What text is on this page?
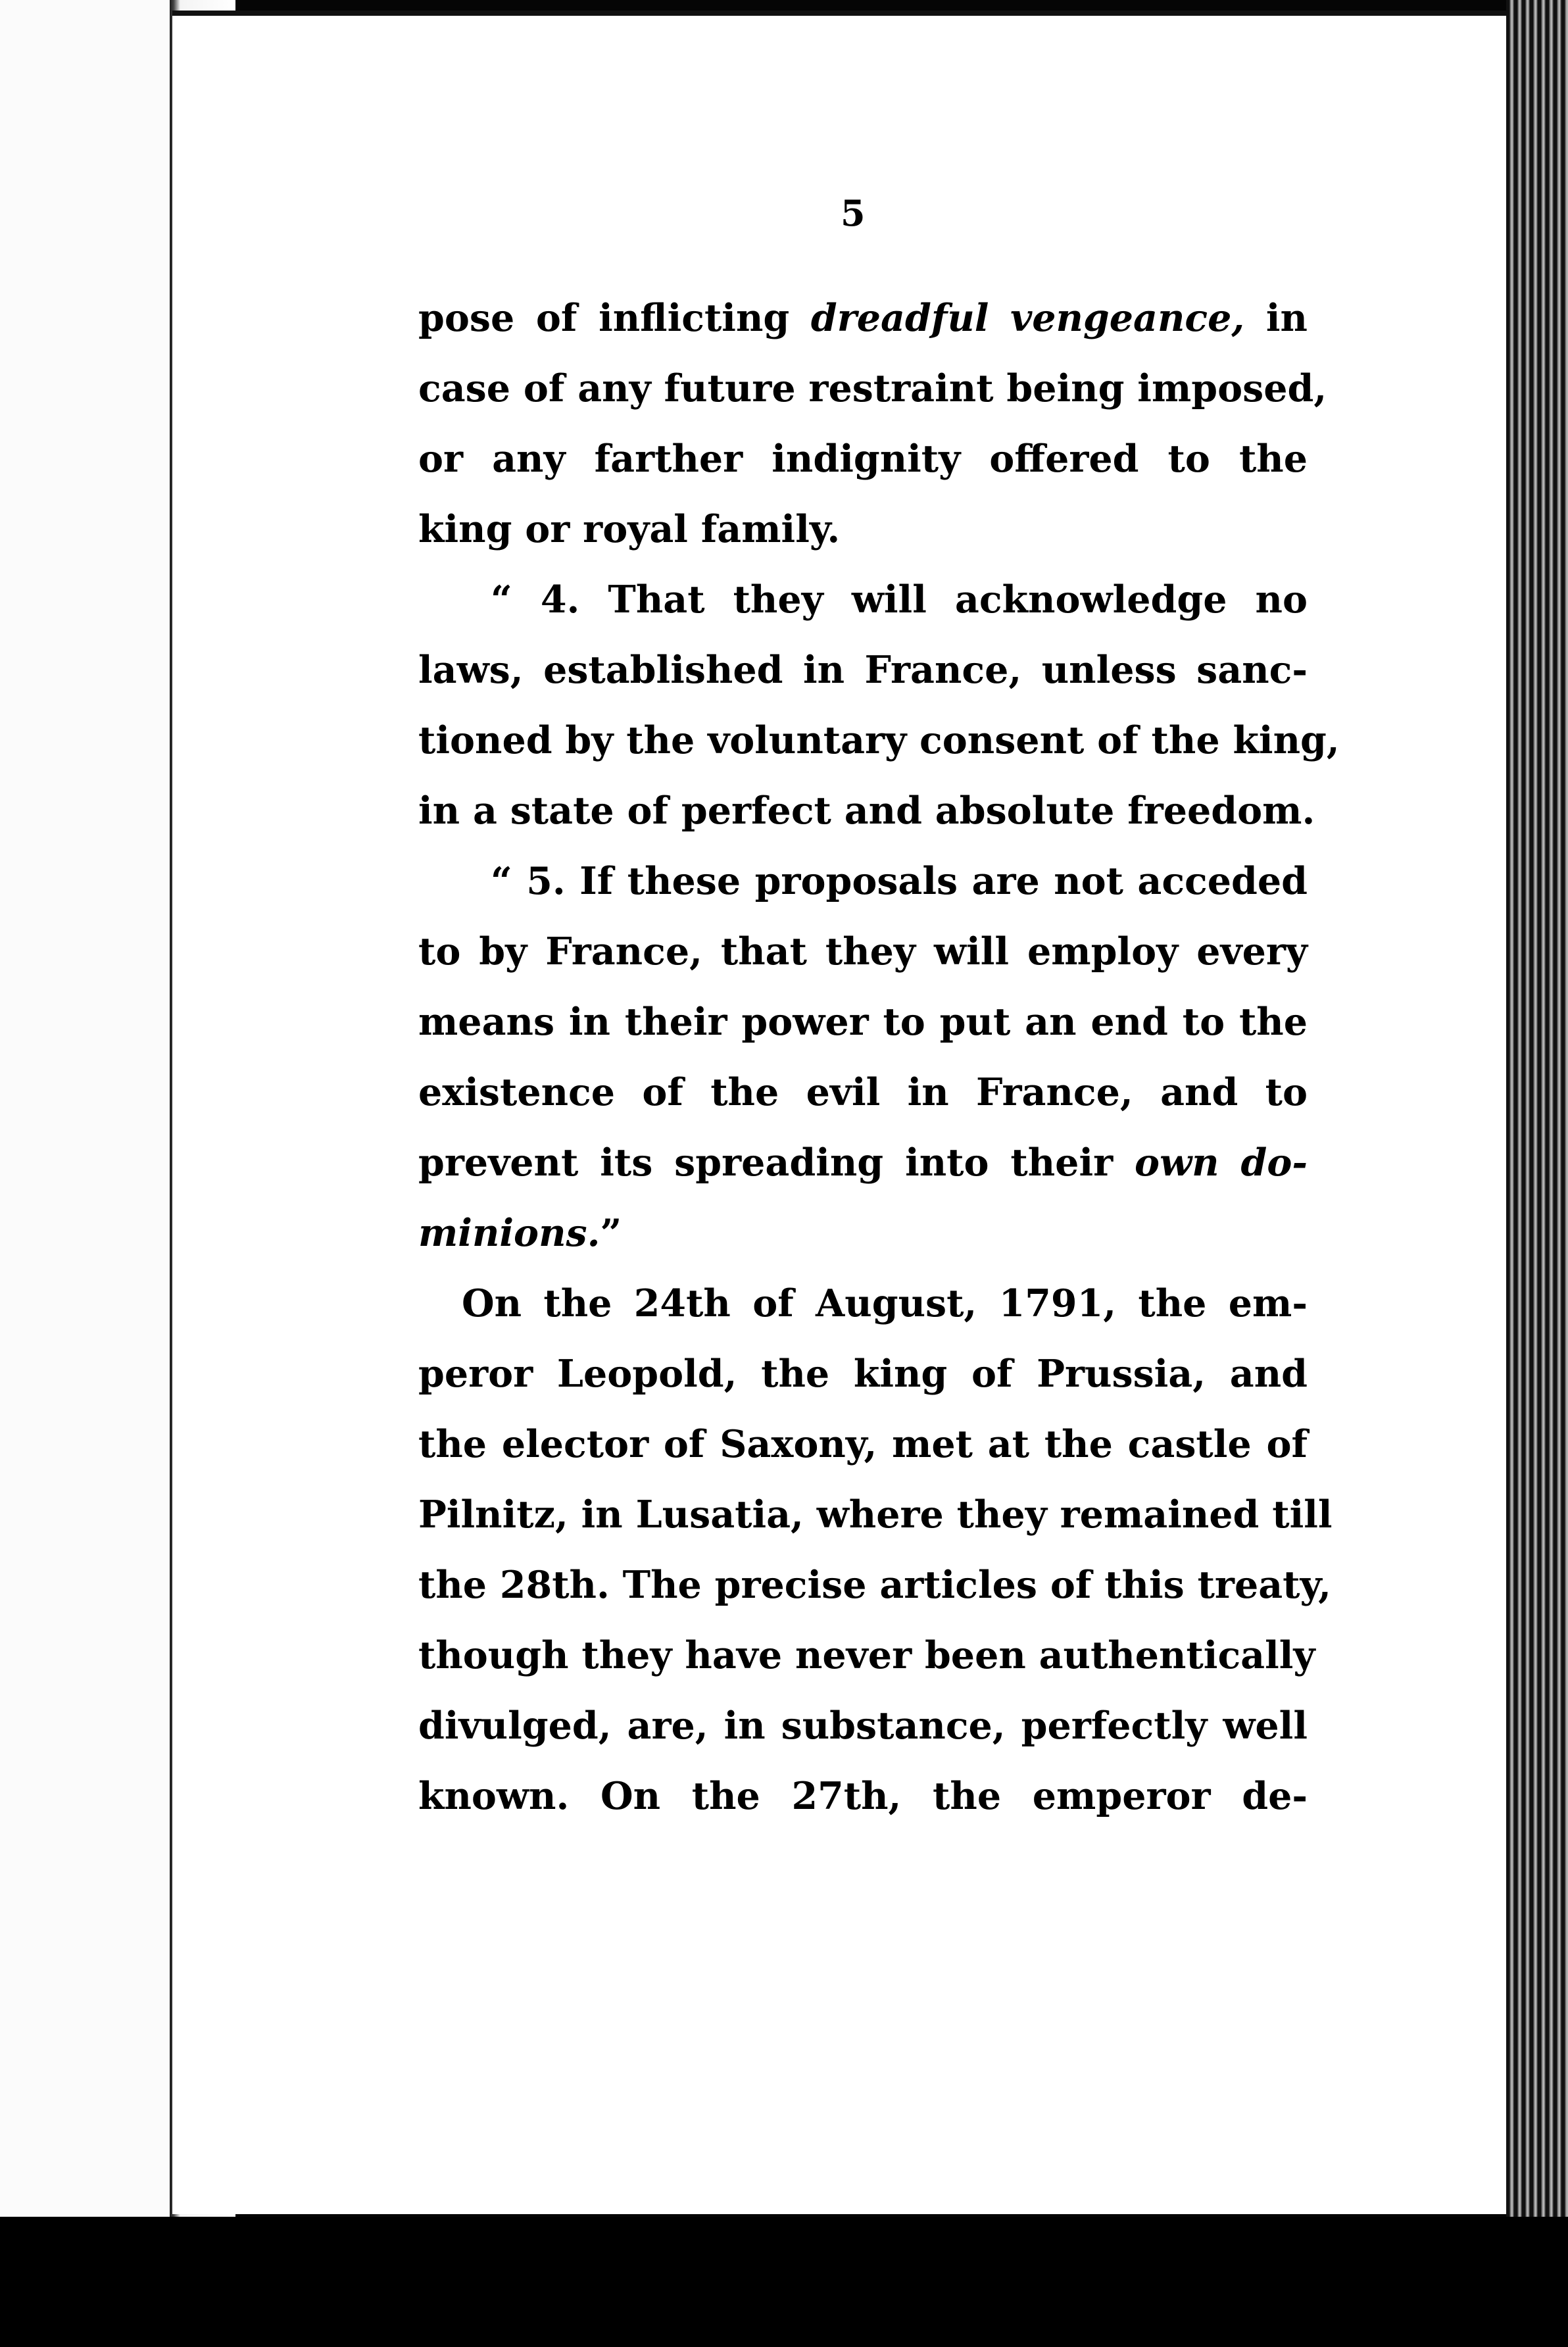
5
pose of inflicting dreadful vengeance, in
case of any future restraint being imposed,
or any farther indignity offered to the
king or royal family.
“ 4. That they will acknowledge no
laws, established in France, unless sanc-
tioned by the voluntary consent of the king,
in a state of perfect and absolute freedom.
“ 5. If these proposals are not acceded
to by France, that they will employ every
means in their power to put an end to the
existence of the evil in France, and to
prevent its spreading into their own do-
minions.”
On the 24th of August, 1791, the em-
peror Leopold, the king of Prussia, and
the elector of Saxony, met at the castle of
Pilnitz, in Lusatia, where they remained till
the 28th. The precise articles of this treaty,
though they have never been authentically
divulged, are, in substance, perfectly well
known. On the 27th, the emperor de-
